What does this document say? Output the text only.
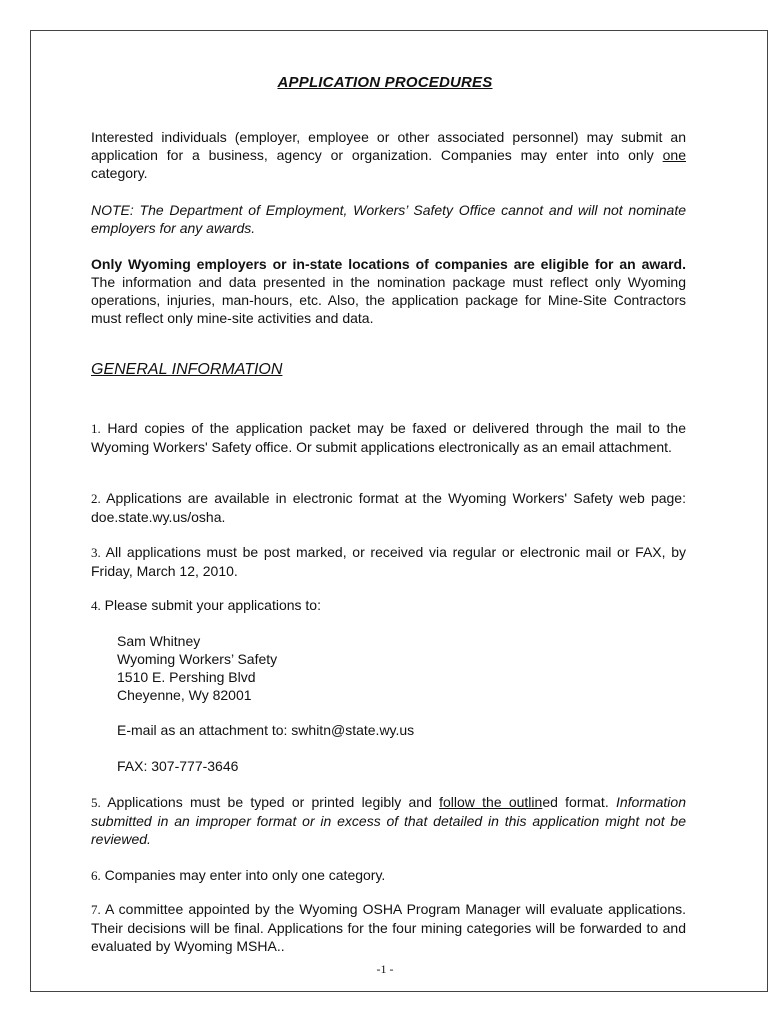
APPLICATION PROCEDURES

Interested individuals (employer, employee or other associated personnel) may submit an application for a business, agency or organization. Companies may enter into only one category.

NOTE: The Department of Employment, Workers’ Safety Office cannot and will not nominate employers for any awards.

Only Wyoming employers or in-state locations of companies are eligible for an award. The information and data presented in the nomination package must reflect only Wyoming operations, injuries, man-hours, etc. Also, the application package for Mine-Site Contractors must reflect only mine-site activities and data.

GENERAL INFORMATION

1. Hard copies of the application packet may be faxed or delivered through the mail to the Wyoming Workers' Safety office. Or submit applications electronically as an email attachment.

2. Applications are available in electronic format at the Wyoming Workers' Safety web page: doe.state.wy.us/osha.

3. All applications must be post marked, or received via regular or electronic mail or FAX, by Friday, March 12, 2010.

4. Please submit your applications to:

Sam Whitney
Wyoming Workers’ Safety
1510 E. Pershing Blvd
Cheyenne, Wy 82001

E-mail as an attachment to: swhitn@state.wy.us

FAX: 307-777-3646

5. Applications must be typed or printed legibly and follow the outlined format. Information submitted in an improper format or in excess of that detailed in this application might not be reviewed.

6. Companies may enter into only one category.

7. A committee appointed by the Wyoming OSHA Program Manager will evaluate applications. Their decisions will be final. Applications for the four mining categories will be forwarded to and evaluated by Wyoming MSHA..

-1 -
